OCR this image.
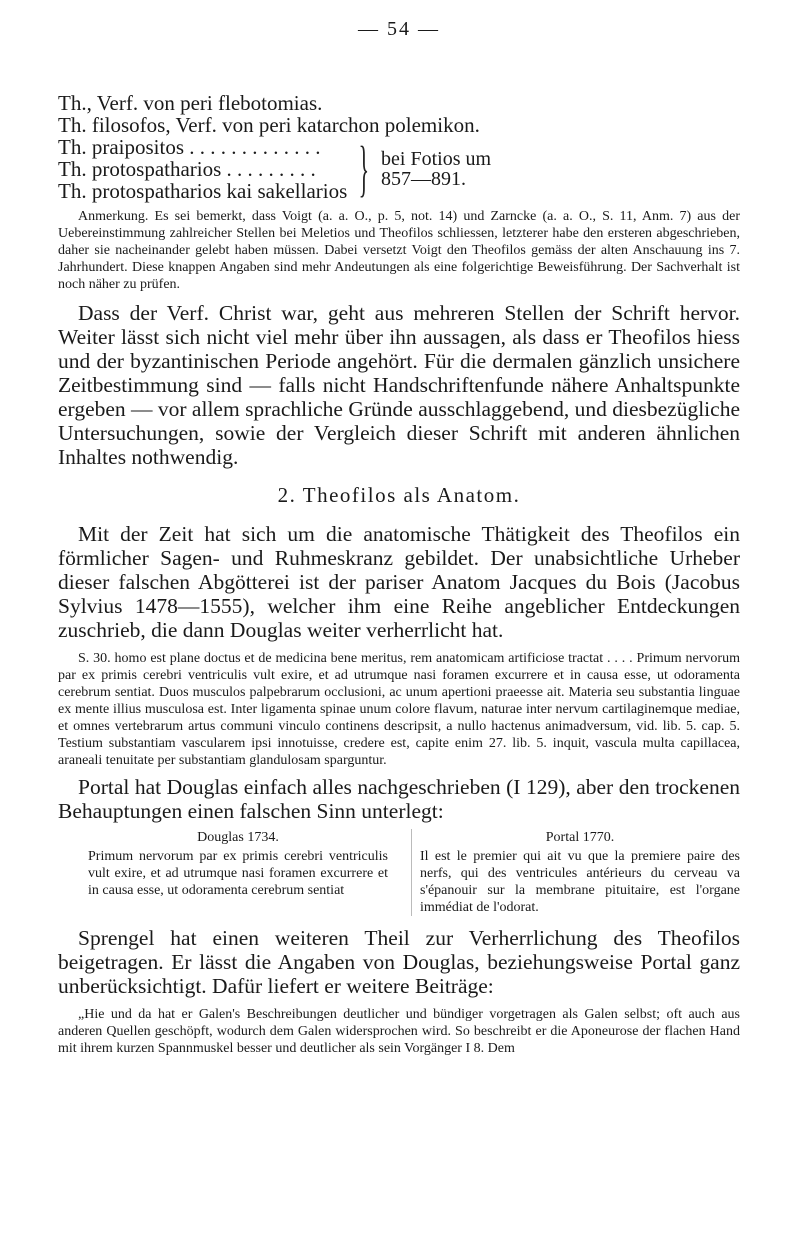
— 54 —
Th., Verf. von peri flebotomias.
Th. filosofos, Verf. von peri katarchon polemikon.
Th. praipositos . . . . . . . . . . . . .
Th. protospatharios . . . . . . . . .
Th. protospatharios kai sakellarios } bei Fotios um
857—891.

Anmerkung. Es sei bemerkt, dass Voigt (a. a. O., p. 5, not. 14) und Zarncke (a. a. O., S. 11, Anm. 7) aus der Uebereinstimmung zahlreicher Stellen bei Meletios und Theofilos schliessen, letzterer habe den ersteren abgeschrieben, daher sie nacheinander gelebt haben müssen. Dabei versetzt Voigt den Theofilos gemäss der alten Anschauung ins 7. Jahrhundert. Diese knappen Angaben sind mehr Andeutungen als eine folgerichtige Beweisführung. Der Sachverhalt ist noch näher zu prüfen.

Dass der Verf. Christ war, geht aus mehreren Stellen der Schrift hervor. Weiter lässt sich nicht viel mehr über ihn aussagen, als dass er Theofilos hiess und der byzantinischen Periode angehört. Für die dermalen gänzlich unsichere Zeitbestimmung sind — falls nicht Handschriftenfunde nähere Anhaltspunkte ergeben — vor allem sprachliche Gründe ausschlaggebend, und diesbezügliche Untersuchungen, sowie der Vergleich dieser Schrift mit anderen ähnlichen Inhaltes nothwendig.

2. Theofilos als Anatom.

Mit der Zeit hat sich um die anatomische Thätigkeit des Theofilos ein förmlicher Sagen- und Ruhmeskranz gebildet. Der unabsichtliche Urheber dieser falschen Abgötterei ist der pariser Anatom Jacques du Bois (Jacobus Sylvius 1478—1555), welcher ihm eine Reihe angeblicher Entdeckungen zuschrieb, die dann Douglas weiter verherrlicht hat.

S. 30. homo est plane doctus et de medicina bene meritus, rem anatomicam artificiose tractat . . . . Primum nervorum par ex primis cerebri ventriculis vult exire, et ad utrumque nasi foramen excurrere et in causa esse, ut odoramenta cerebrum sentiat. Duos musculos palpebrarum occlusioni, ac unum apertioni praeesse ait. Materia seu substantia linguae ex mente illius musculosa est. Inter ligamenta spinae unum colore flavum, naturae inter nervum cartilaginemque mediae, et omnes vertebrarum artus communi vinculo continens descripsit, a nullo hactenus animadversum, vid. lib. 5. cap. 5. Testium substantiam vascularem ipsi innotuisse, credere est, capite enim 27. lib. 5. inquit, vascula multa capillacea, araneali tenuitate per substantiam glandulosam sparguntur.

Portal hat Douglas einfach alles nachgeschrieben (I 129), aber den trockenen Behauptungen einen falschen Sinn unterlegt:

Douglas 1734.
Primum nervorum par ex primis cerebri ventriculis vult exire, et ad utrumque nasi foramen excurrere et in causa esse, ut odoramenta cerebrum sentiat
Portal 1770.
Il est le premier qui ait vu que la premiere paire des nerfs, qui des ventricules antérieurs du cerveau va s'épanouir sur la membrane pituitaire, est l'organe immédiat de l'odorat.

Sprengel hat einen weiteren Theil zur Verherrlichung des Theofilos beigetragen. Er lässt die Angaben von Douglas, beziehungsweise Portal ganz unberücksichtigt. Dafür liefert er weitere Beiträge:

„Hie und da hat er Galen's Beschreibungen deutlicher und bündiger vorgetragen als Galen selbst; oft auch aus anderen Quellen geschöpft, wodurch dem Galen widersprochen wird. So beschreibt er die Aponeurose der flachen Hand mit ihrem kurzen Spannmuskel besser und deutlicher als sein Vorgänger I 8. Dem
